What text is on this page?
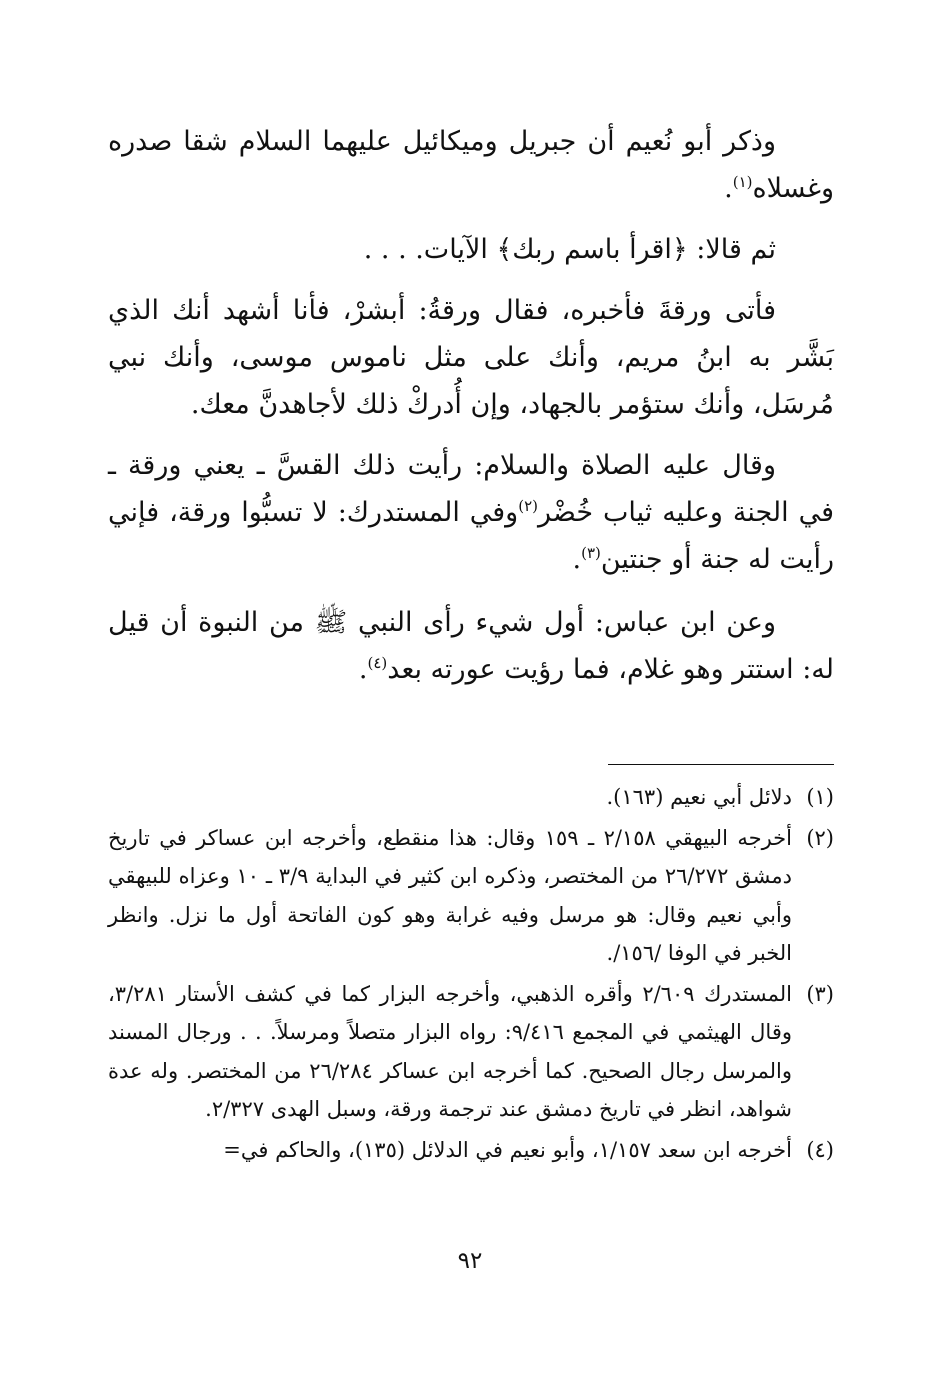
وذكر أبو نُعيم أن جبريل وميكائيل عليهما السلام شقا صدره وغسلاه$^{(١)}$.

ثم قالا: ﴿اقرأ باسم ربك﴾ الآيات. . . .

فأتى ورقةَ فأخبره، فقال ورقةُ: أبشرْ، فأنا أشهد أنك الذي بَشَّر به ابنُ مريم، وأنك على مثل ناموس موسى، وأنك نبي مُرسَل، وأنك ستؤمر بالجهاد، وإن أُدركْ ذلك لأجاهدنَّ معك.

وقال عليه الصلاة والسلام: رأيت ذلك القسَّ ـ يعني ورقة ـ في الجنة وعليه ثياب خُضْر$^{(٢)}$وفي المستدرك: لا تسبُّوا ورقة، فإني رأيت له جنة أو جنتين$^{(٣)}$.

وعن ابن عباس: أول شيء رأى النبي ﷺ من النبوة أن قيل له: استتر وهو غلام، فما رؤيت عورته بعد$^{(٤)}$.

(١)
دلائل أبي نعيم (١٦٣).

(٢)
أخرجه البيهقي ٢/١٥٨ ـ ١٥٩ وقال: هذا منقطع، وأخرجه ابن عساكر في تاريخ دمشق ٢٦/٢٧٢ من المختصر، وذكره ابن كثير في البداية ٣/٩ ـ ١٠ وعزاه للبيهقي وأبي نعيم وقال: هو مرسل وفيه غرابة وهو كون الفاتحة أول ما نزل. وانظر الخبر في الوفا /١٥٦/.

(٣)
المستدرك ٢/٦٠٩ وأقره الذهبي، وأخرجه البزار كما في كشف الأستار ٣/٢٨١، وقال الهيثمي في المجمع ٩/٤١٦: رواه البزار متصلاً ومرسلاً. . . ورجال المسند والمرسل رجال الصحيح. كما أخرجه ابن عساكر ٢٦/٢٨٤ من المختصر. وله عدة شواهد، انظر في تاريخ دمشق عند ترجمة ورقة، وسبل الهدى ٢/٣٢٧.

(٤)
أخرجه ابن سعد ١/١٥٧، وأبو نعيم في الدلائل (١٣٥)، والحاكم في=

٩٢
